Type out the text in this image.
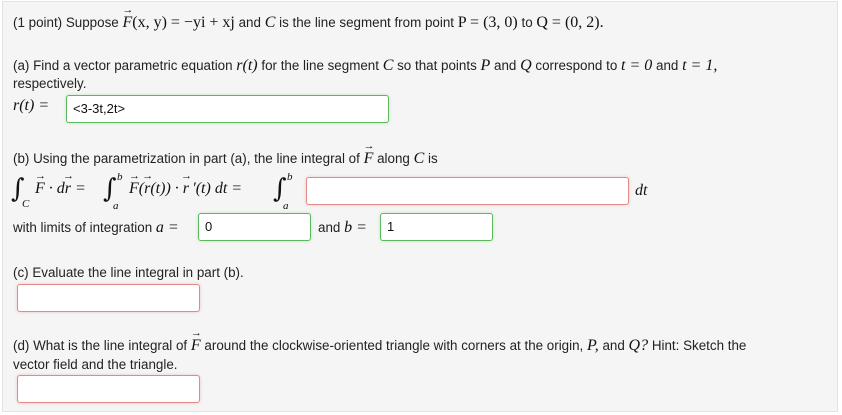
(1 point) Suppose → F(x, y) = −yi + xj and C is the line segment from point P = (3, 0) to Q = (0, 2).
(a) Find a vector parametric equation r(t) for the line segment C so that points P and Q correspond to t = 0 and t = 1,
respectively.
r(t) =	<3-3t,2t>
(b) Using the parametrization in part (a), the line integral of → F along C is
∫
C
→ F · d→ r = ∫ b
a
→ F(→ r(t)) · → r ′(t) dt = ∫ b
a
dt
with limits of integration a =	0	and b =	1
(c) Evaluate the line integral in part (b).
(d) What is the line integral of → F around the clockwise-oriented triangle with corners at the origin, P, and Q? Hint: Sketch the
vector field and the triangle.
